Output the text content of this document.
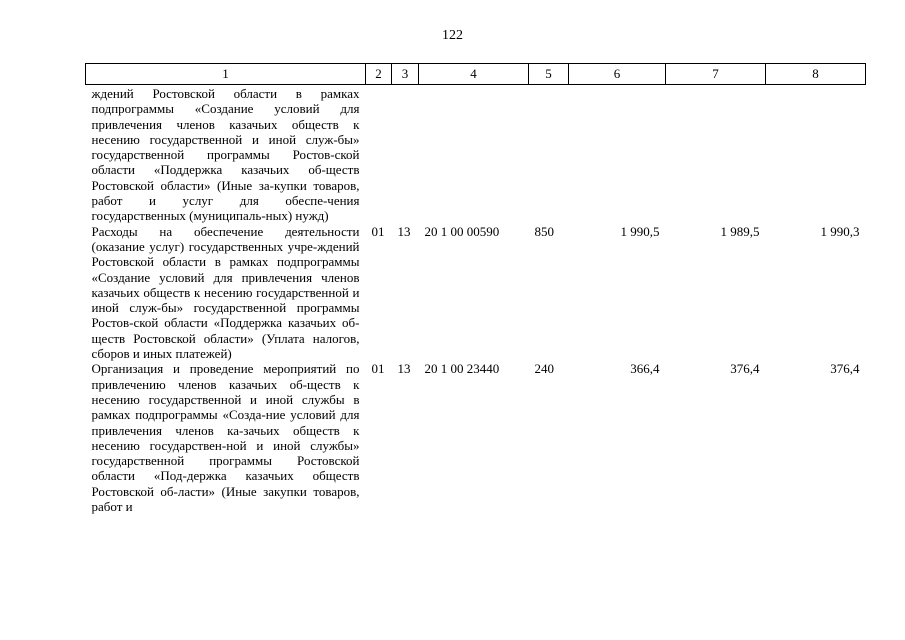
122
1	2	3	4	5	6	7	8
ждений Ростовской области в рамках подпрограммы «Создание условий для привлечения членов казачьих обществ к несению государственной и иной служ-бы» государственной программы Ростов-ской области «Поддержка казачьих об-ществ Ростовской области» (Иные за-купки товаров, работ и услуг для обеспе-чения государственных (муниципаль-ных) нужд)							
Расходы на обеспечение деятельности (оказание услуг) государственных учре-ждений Ростовской области в рамках подпрограммы «Создание условий для привлечения членов казачьих обществ к несению государственной и иной служ-бы» государственной программы Ростов-ской области «Поддержка казачьих об-ществ Ростовской области» (Уплата налогов, сборов и иных платежей)	01	13	20 1 00 00590	850	1 990,5	1 989,5	1 990,3
Организация и проведение мероприятий по привлечению членов казачьих об-ществ к несению государственной и иной службы в рамках подпрограммы «Созда-ние условий для привлечения членов ка-зачьих обществ к несению государствен-ной и иной службы» государственной программы Ростовской области «Под-держка казачьих обществ Ростовской об-ласти» (Иные закупки товаров, работ и	01	13	20 1 00 23440	240	366,4	376,4	376,4
